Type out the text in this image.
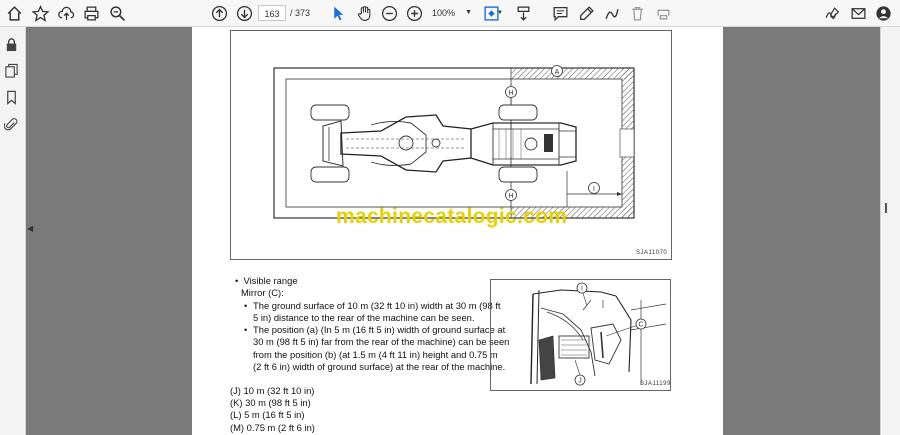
163	/ 373	100% ▼	▼
◀
A
H
H
I
SJA11070
machinecatalogic.com
•  Visible range
Mirror (C):
• The ground surface of 10 m (32 ft 10 in) width at 30 m (98 ft
5 in) distance to the rear of the machine can be seen.
• The position (a) (In 5 m (16 ft 5 in) width of ground surface at
30 m (98 ft 5 in) far from the rear of the machine) can be seen
from the position (b) (at 1.5 m (4 ft 11 in) height and 0.75 m
(2 ft 6 in) width of ground surface) at the rear of the machine.
(J) 10 m (32 ft 10 in)
(K) 30 m (98 ft 5 in)
(L) 5 m (16 ft 5 in)
(M) 0.75 m (2 ft 6 in)
I
C
J	SJA11199
